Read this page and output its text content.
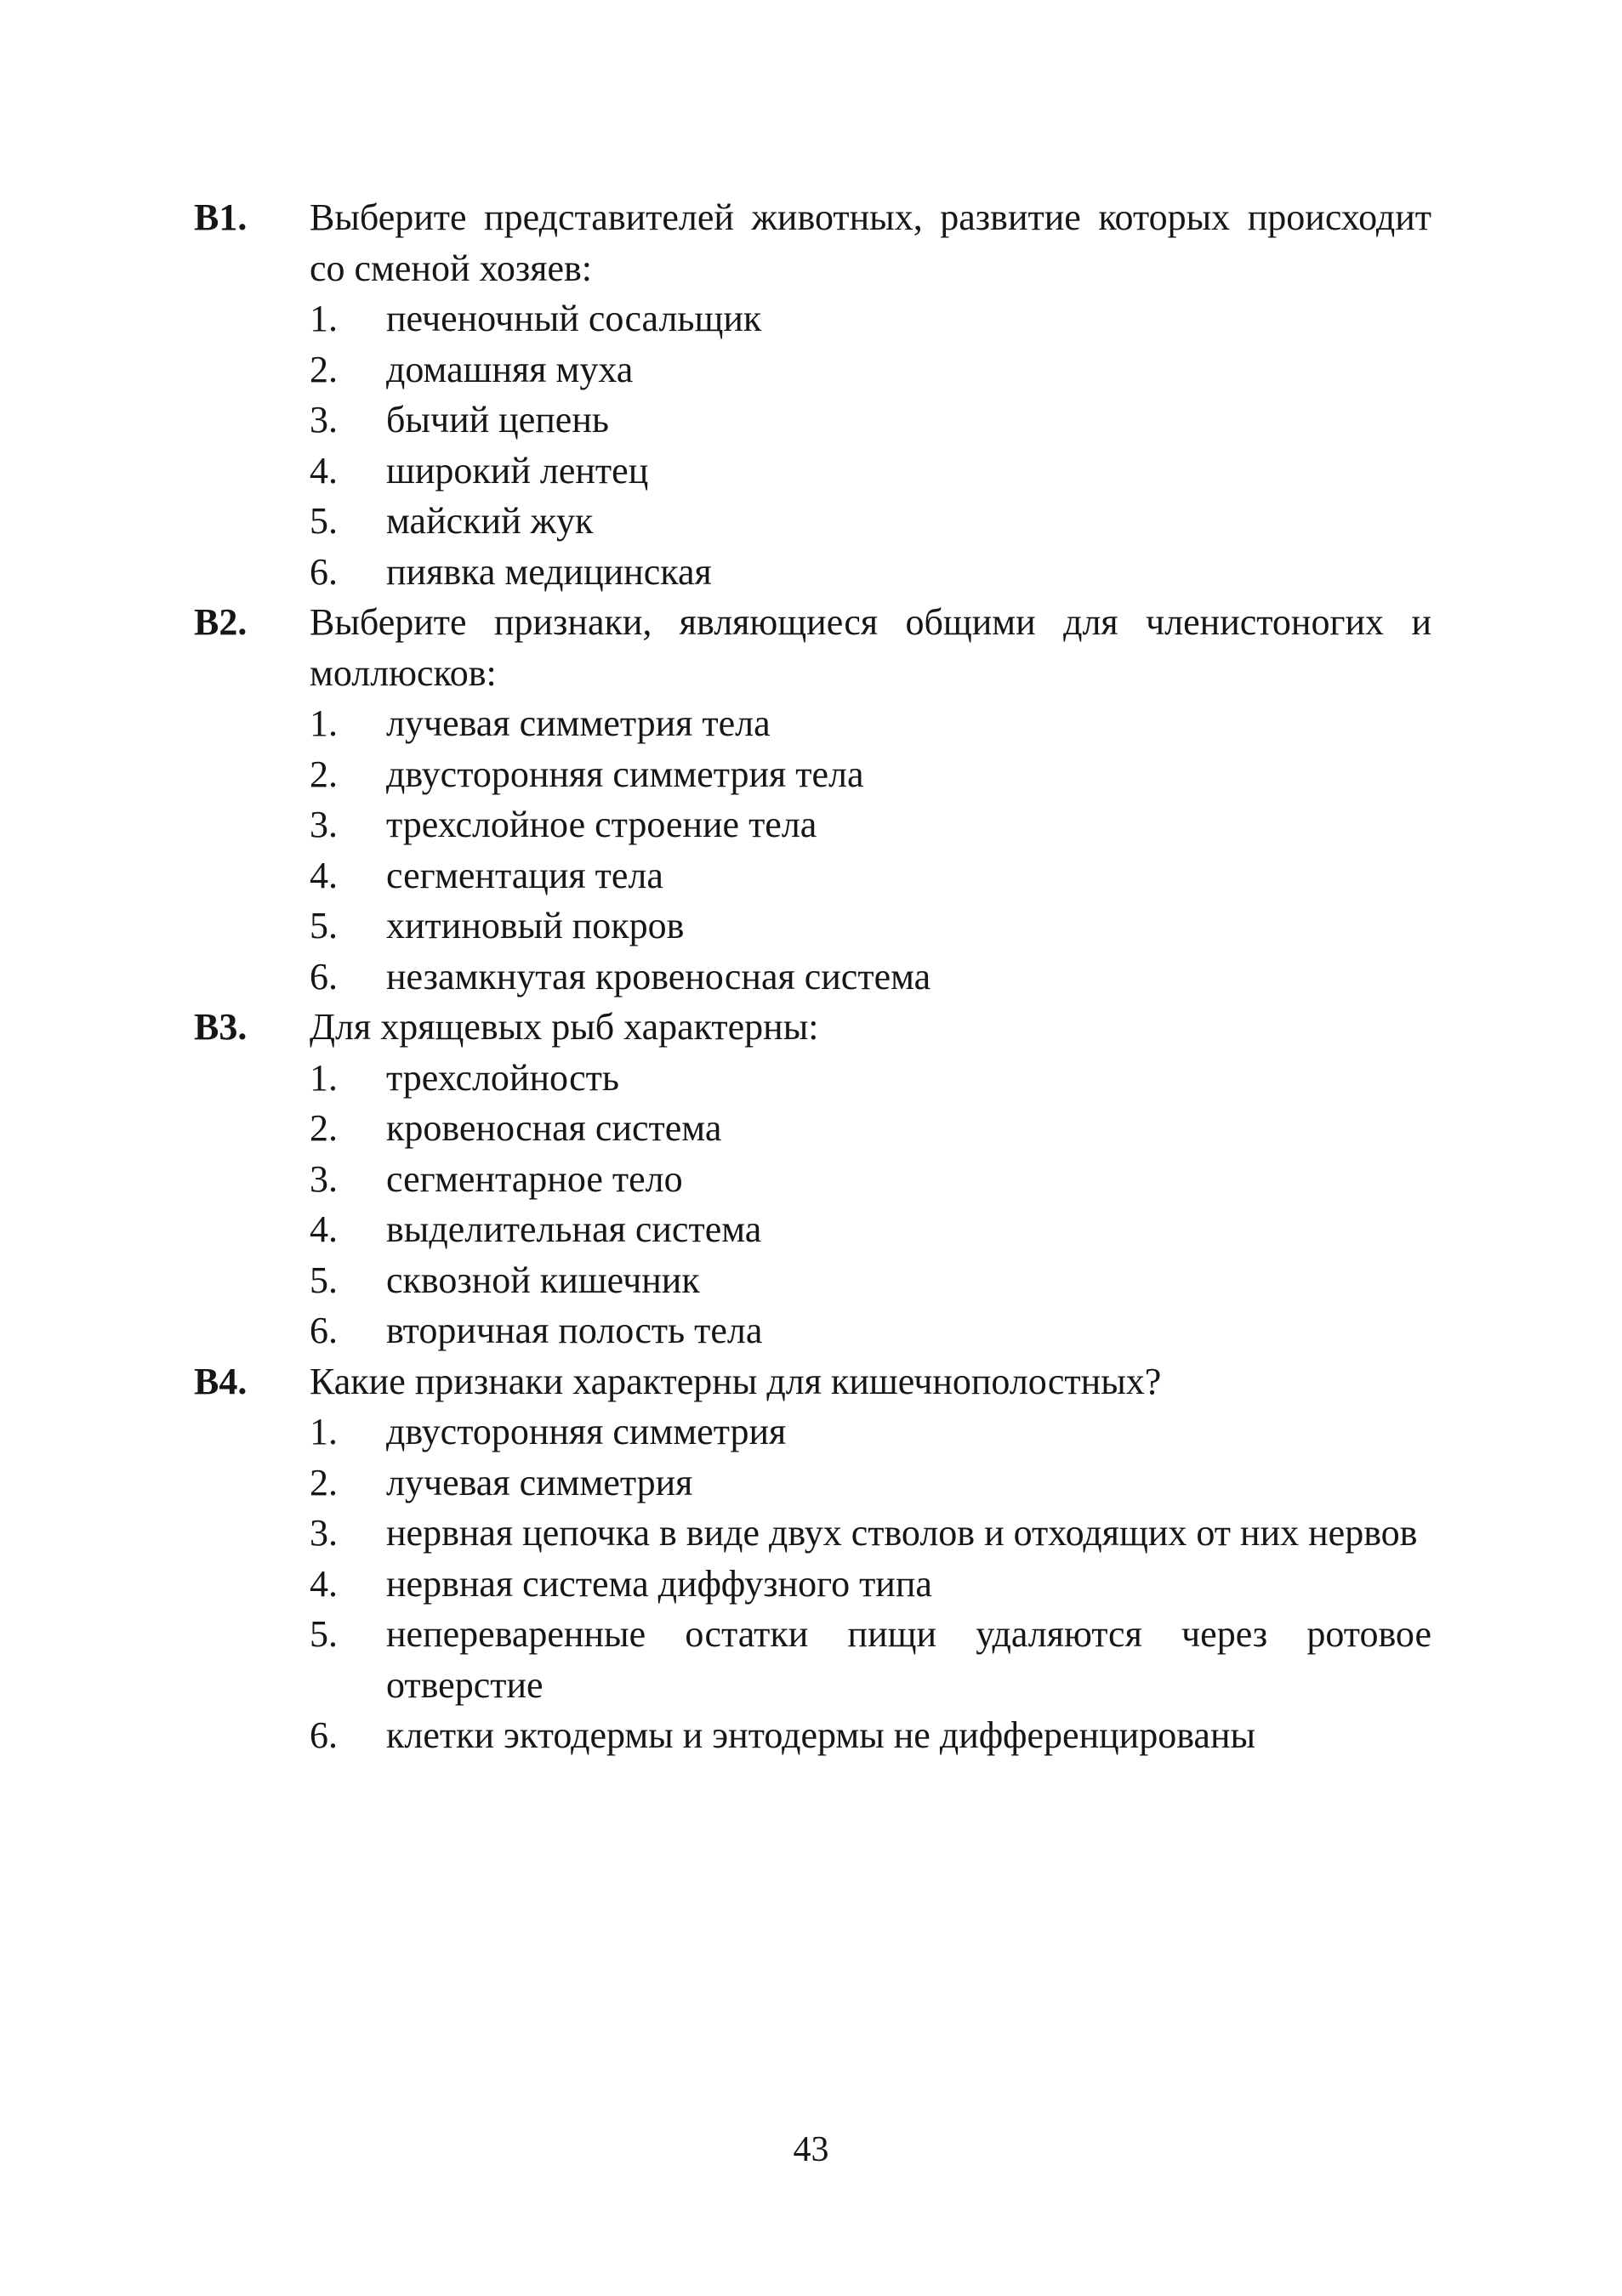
В1.	Выберите представителей животных, развитие которых происходит со сменой хозяев:
1.	печеночный сосальщик
2.	домашняя муха
3.	бычий цепень
4.	широкий лентец
5.	майский жук
6.	пиявка медицинская
В2.	Выберите признаки, являющиеся общими для членистоногих и моллюсков:
1.	лучевая симметрия тела
2.	двусторонняя симметрия тела
3.	трехслойное строение тела
4.	сегментация тела
5.	хитиновый покров
6.	незамкнутая кровеносная система
В3.	Для хрящевых рыб характерны:
1.	трехслойность
2.	кровеносная система
3.	сегментарное тело
4.	выделительная система
5.	сквозной кишечник
6.	вторичная полость тела
В4.	Какие признаки характерны для кишечнополостных?
1.	двусторонняя симметрия
2.	лучевая симметрия
3.	нервная цепочка в виде двух стволов и отходящих от них нервов
4.	нервная система диффузного типа
5.	непереваренные остатки пищи удаляются через ротовое отверстие
6.	клетки эктодермы и энтодермы не дифференцированы
43
